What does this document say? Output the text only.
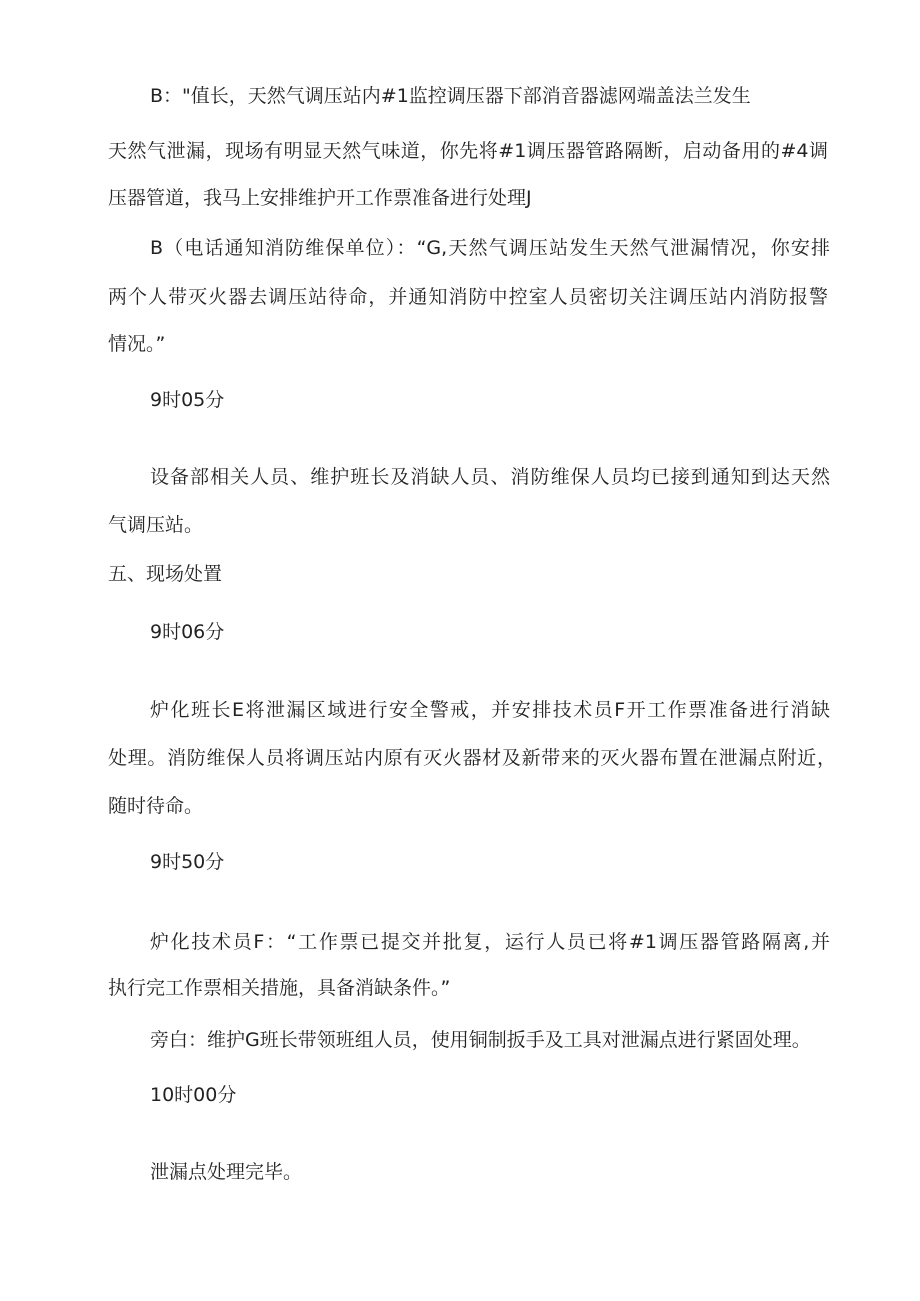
B："值长，天然气调压站内#1监控调压器下部消音器滤网端盖法兰发生
天然气泄漏，现场有明显天然气味道，你先将#1调压器管路隔断，启动备用的#4调
压器管道，我马上安排维护开工作票准备进行处理J
B（电话通知消防维保单位）：“G,天然气调压站发生天然气泄漏情况，你安排
两个人带灭火器去调压站待命，并通知消防中控室人员密切关注调压站内消防报警
情况。”
9时05分
设备部相关人员、维护班长及消缺人员、消防维保人员均已接到通知到达天然
气调压站。
五、现场处置
9时06分
炉化班长E将泄漏区域进行安全警戒，并安排技术员F开工作票准备进行消缺
处理。消防维保人员将调压站内原有灭火器材及新带来的灭火器布置在泄漏点附近，
随时待命。
9时50分
炉化技术员F：“工作票已提交并批复，运行人员已将#1调压器管路隔离,并
执行完工作票相关措施，具备消缺条件。”
旁白：维护G班长带领班组人员，使用铜制扳手及工具对泄漏点进行紧固处理。
10时00分
泄漏点处理完毕。
